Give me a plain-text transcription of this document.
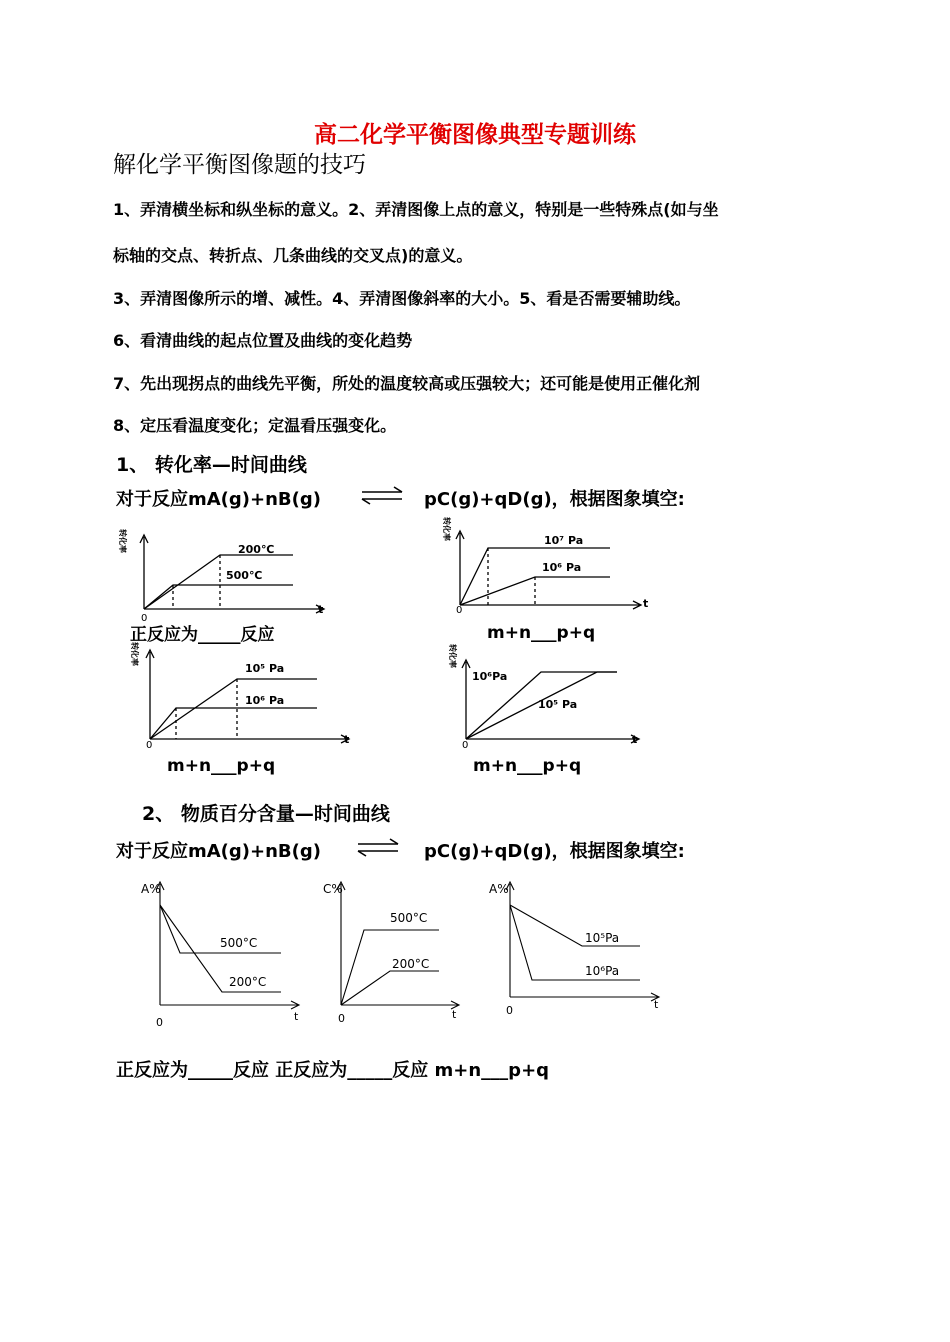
高二化学平衡图像典型专题训练
解化学平衡图像题的技巧
1、弄清横坐标和纵坐标的意义。2、弄清图像上点的意义，特别是一些特殊点(如与坐
标轴的交点、转折点、几条曲线的交叉点)的意义。
3、弄清图像所示的增、减性。4、弄清图像斜率的大小。5、看是否需要辅助线。
6、看清曲线的起点位置及曲线的变化趋势
7、先出现拐点的曲线先平衡，所处的温度较高或压强较大；还可能是使用正催化剂
8、定压看温度变化；定温看压强变化。
1、 转化率—时间曲线
对于反应mA(g)+nB(g) ⇌ pC(g)+qD(g)，根据图象填空:
转化率
t
0
200℃
500℃
正反应为_____反应
转化率
t
0
10⁷ Pa
10⁶ Pa
m+n___p+q
转化率
t
0
10⁵ Pa
10⁶ Pa
m+n___p+q
转化率
t
0
10⁶Pa
10⁵ Pa
m+n___p+q
2、 物质百分含量—时间曲线
对于反应mA(g)+nB(g) ⇌ pC(g)+qD(g)，根据图象填空:
A%
t
0
500°C
200°C
C%
t
0
500°C
200°C
A%
t
0
10⁵Pa
10⁶Pa
正反应为_____反应 正反应为_____反应 m+n___p+q
